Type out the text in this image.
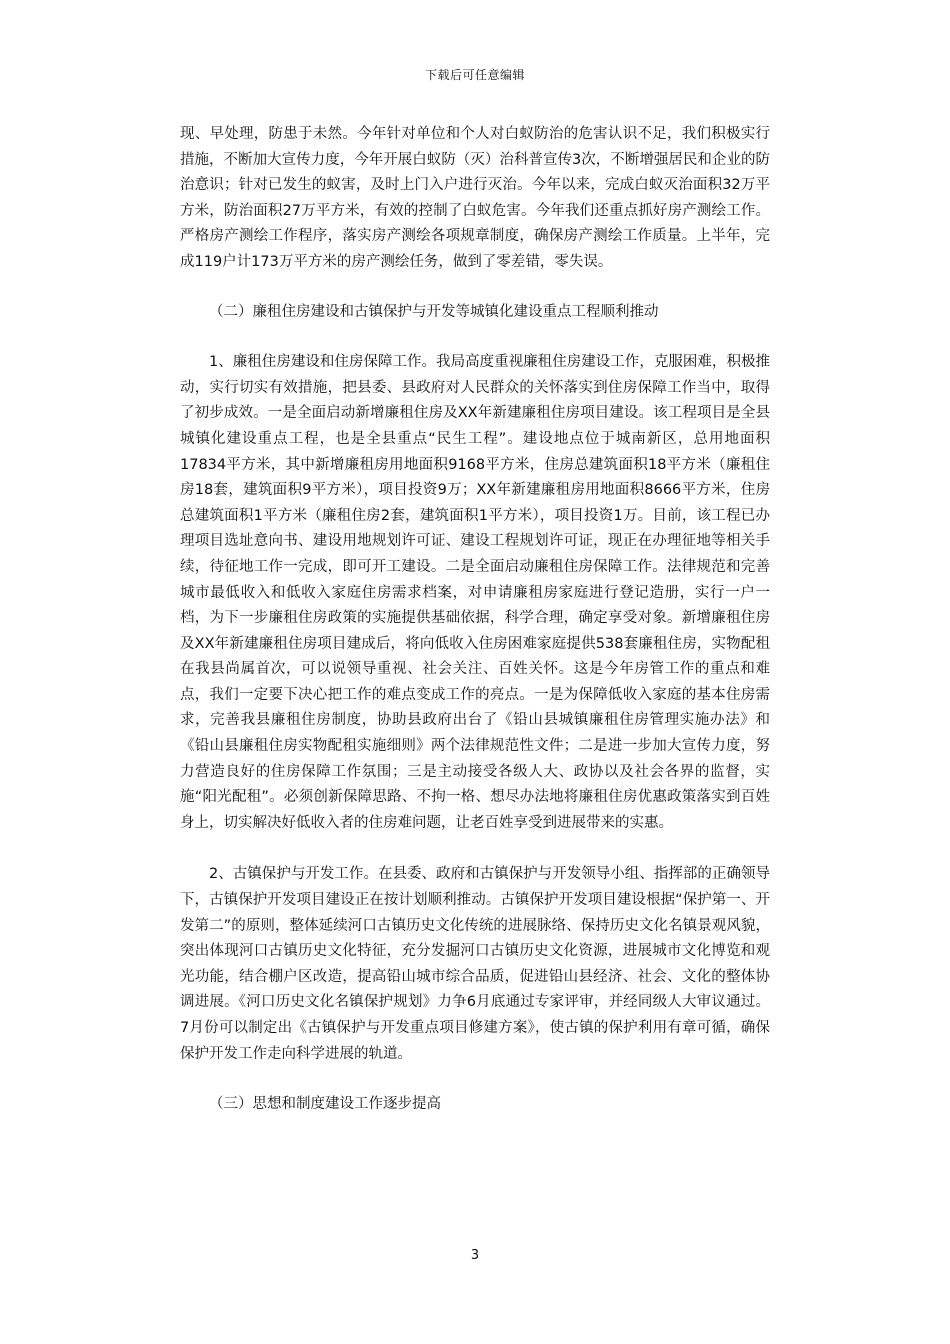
下载后可任意编辑

现、早处理，防患于未然。今年针对单位和个人对白蚁防治的危害认识不足，我们积极实行措施，不断加大宣传力度，今年开展白蚁防（灭）治科普宣传3次，不断增强居民和企业的防治意识；针对已发生的蚁害，及时上门入户进行灭治。今年以来，完成白蚁灭治面积32万平方米，防治面积27万平方米，有效的控制了白蚁危害。今年我们还重点抓好房产测绘工作。严格房产测绘工作程序，落实房产测绘各项规章制度，确保房产测绘工作质量。上半年，完成119户计173万平方米的房产测绘任务，做到了零差错，零失误。

（二）廉租住房建设和古镇保护与开发等城镇化建设重点工程顺利推动

1、廉租住房建设和住房保障工作。我局高度重视廉租住房建设工作，克服困难，积极推动，实行切实有效措施，把县委、县政府对人民群众的关怀落实到住房保障工作当中，取得了初步成效。一是全面启动新增廉租住房及XX年新建廉租住房项目建设。该工程项目是全县城镇化建设重点工程，也是全县重点“民生工程”。建设地点位于城南新区，总用地面积17834平方米，其中新增廉租房用地面积9168平方米，住房总建筑面积18平方米（廉租住房18套，建筑面积9平方米），项目投资9万；XX年新建廉租房用地面积8666平方米，住房总建筑面积1平方米（廉租住房2套，建筑面积1平方米），项目投资1万。目前，该工程已办理项目选址意向书、建设用地规划许可证、建设工程规划许可证，现正在办理征地等相关手续，待征地工作一完成，即可开工建设。二是全面启动廉租住房保障工作。法律规范和完善城市最低收入和低收入家庭住房需求档案，对申请廉租房家庭进行登记造册，实行一户一档，为下一步廉租住房政策的实施提供基础依据，科学合理，确定享受对象。新增廉租住房及XX年新建廉租住房项目建成后，将向低收入住房困难家庭提供538套廉租住房，实物配租在我县尚属首次，可以说领导重视、社会关注、百姓关怀。这是今年房管工作的重点和难点，我们一定要下决心把工作的难点变成工作的亮点。一是为保障低收入家庭的基本住房需求，完善我县廉租住房制度，协助县政府出台了《铅山县城镇廉租住房管理实施办法》和《铅山县廉租住房实物配租实施细则》两个法律规范性文件；二是进一步加大宣传力度，努力营造良好的住房保障工作氛围；三是主动接受各级人大、政协以及社会各界的监督，实施“阳光配租”。必须创新保障思路、不拘一格、想尽办法地将廉租住房优惠政策落实到百姓身上，切实解决好低收入者的住房难问题，让老百姓享受到进展带来的实惠。

2、古镇保护与开发工作。在县委、政府和古镇保护与开发领导小组、指挥部的正确领导下，古镇保护开发项目建设正在按计划顺利推动。古镇保护开发项目建设根据“保护第一、开发第二”的原则，整体延续河口古镇历史文化传统的进展脉络、保持历史文化名镇景观风貌，突出体现河口古镇历史文化特征，充分发掘河口古镇历史文化资源，进展城市文化博览和观光功能，结合棚户区改造，提高铅山城市综合品质，促进铅山县经济、社会、文化的整体协调进展。《河口历史文化名镇保护规划》力争6月底通过专家评审，并经同级人大审议通过。7月份可以制定出《古镇保护与开发重点项目修建方案》，使古镇的保护利用有章可循，确保保护开发工作走向科学进展的轨道。

（三）思想和制度建设工作逐步提高

3
